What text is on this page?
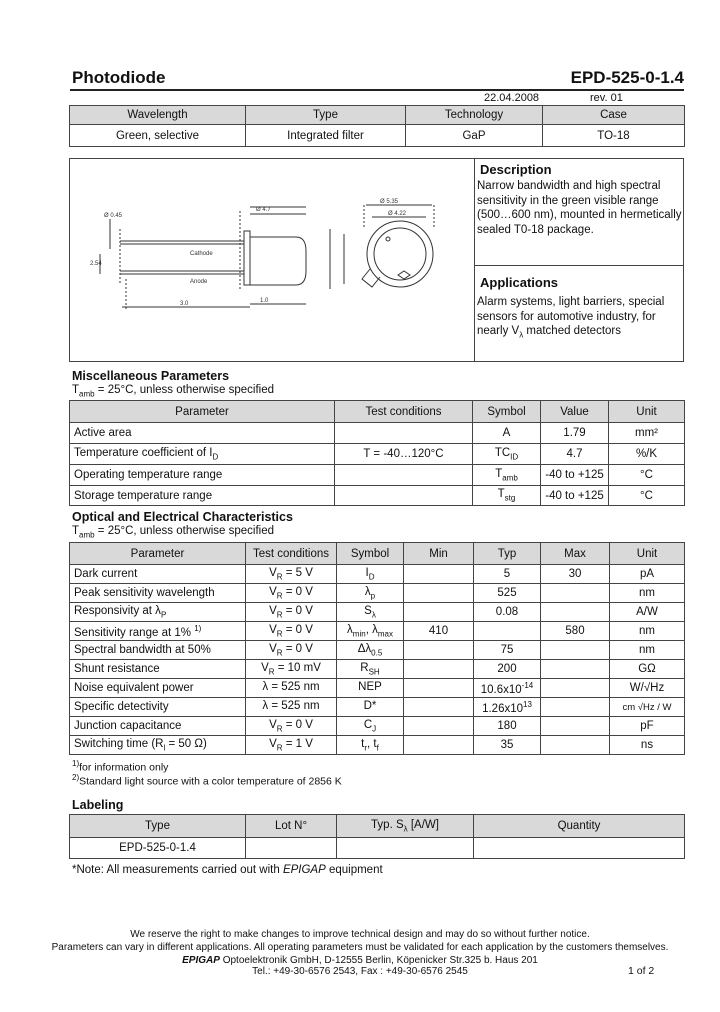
Photodiode	EPD-525-0-1.4
22.04.2008	rev. 01
Wavelength	Type	Technology	Case
Green, selective	Integrated filter	GaP	TO-18
Cathode
Anode
Ø 4.7
Ø 5.35
Ø 4.22
2.54
Ø 0.45
3.0	1.0
Description
Narrow bandwidth and high spectral
sensitivity in the green visible range
(500…600 nm), mounted in hermetically
sealed T0-18 package.
Applications
Alarm systems, light barriers, special
sensors for automotive industry, for
nearly $V_\lambda$ matched detectors
Miscellaneous Parameters
$T_{amb} = 25^\circ C$, unless otherwise specified
Parameter	Test conditions	Symbol	Value	Unit
Active area		A	1.79	mm²
Temperature coefficient of $I_D$	T = -40…120°C	$TC_{ID}$	4.7	%/K
Operating temperature range		$T_{amb}$	-40 to +125	°C
Storage temperature range		$T_{stg}$	-40 to +125	°C
Optical and Electrical Characteristics
$T_{amb} = 25^\circ C$, unless otherwise specified
Parameter	Test conditions	Symbol	Min	Typ	Max	Unit
Dark current	$V_R = 5$ V	$I_D$		5	30	pA
Peak sensitivity wavelength	$V_R = 0$ V	$\lambda_p$		525		nm
Responsivity at $\lambda_P$	$V_R = 0$ V	$S_\lambda$		0.08		A/W
Sensitivity range at 1% $^{1)}$	$V_R = 0$ V	$\lambda_{min}$, $\lambda_{max}$	410		580	nm
Spectral bandwidth at 50%	$V_R = 0$ V	$\Delta\lambda_{0.5}$		75		nm
Shunt resistance	$V_R = 10$ mV	$R_{SH}$		200		GΩ
Noise equivalent power	λ = 525 nm	NEP		$10.6x10^{-14}$		W/√Hz
Specific detectivity	λ = 525 nm	D*		$1.26x10^{13}$		cm √Hz / W
Junction capacitance	$V_R = 0$ V	$C_J$		180		pF
Switching time ($R_l = 50$ Ω)	$V_R = 1$ V	$t_r$, $t_f$		35		ns
$^{1)}$for information only
$^{2)}$Standard light source with a color temperature of 2856 K
Labeling
Type	Lot N°	Typ. $S_\lambda$ [A/W]	Quantity
EPD-525-0-1.4			
*Note: All measurements carried out with EPIGAP equipment
We reserve the right to make changes to improve technical design and may do so without further notice.
Parameters can vary in different applications. All operating parameters must be validated for each application by the customers themselves.
EPIGAP Optoelektronik GmbH, D-12555 Berlin, Köpenicker Str.325 b. Haus 201
Tel.: +49-30-6576 2543, Fax : +49-30-6576 2545	1 of 2
